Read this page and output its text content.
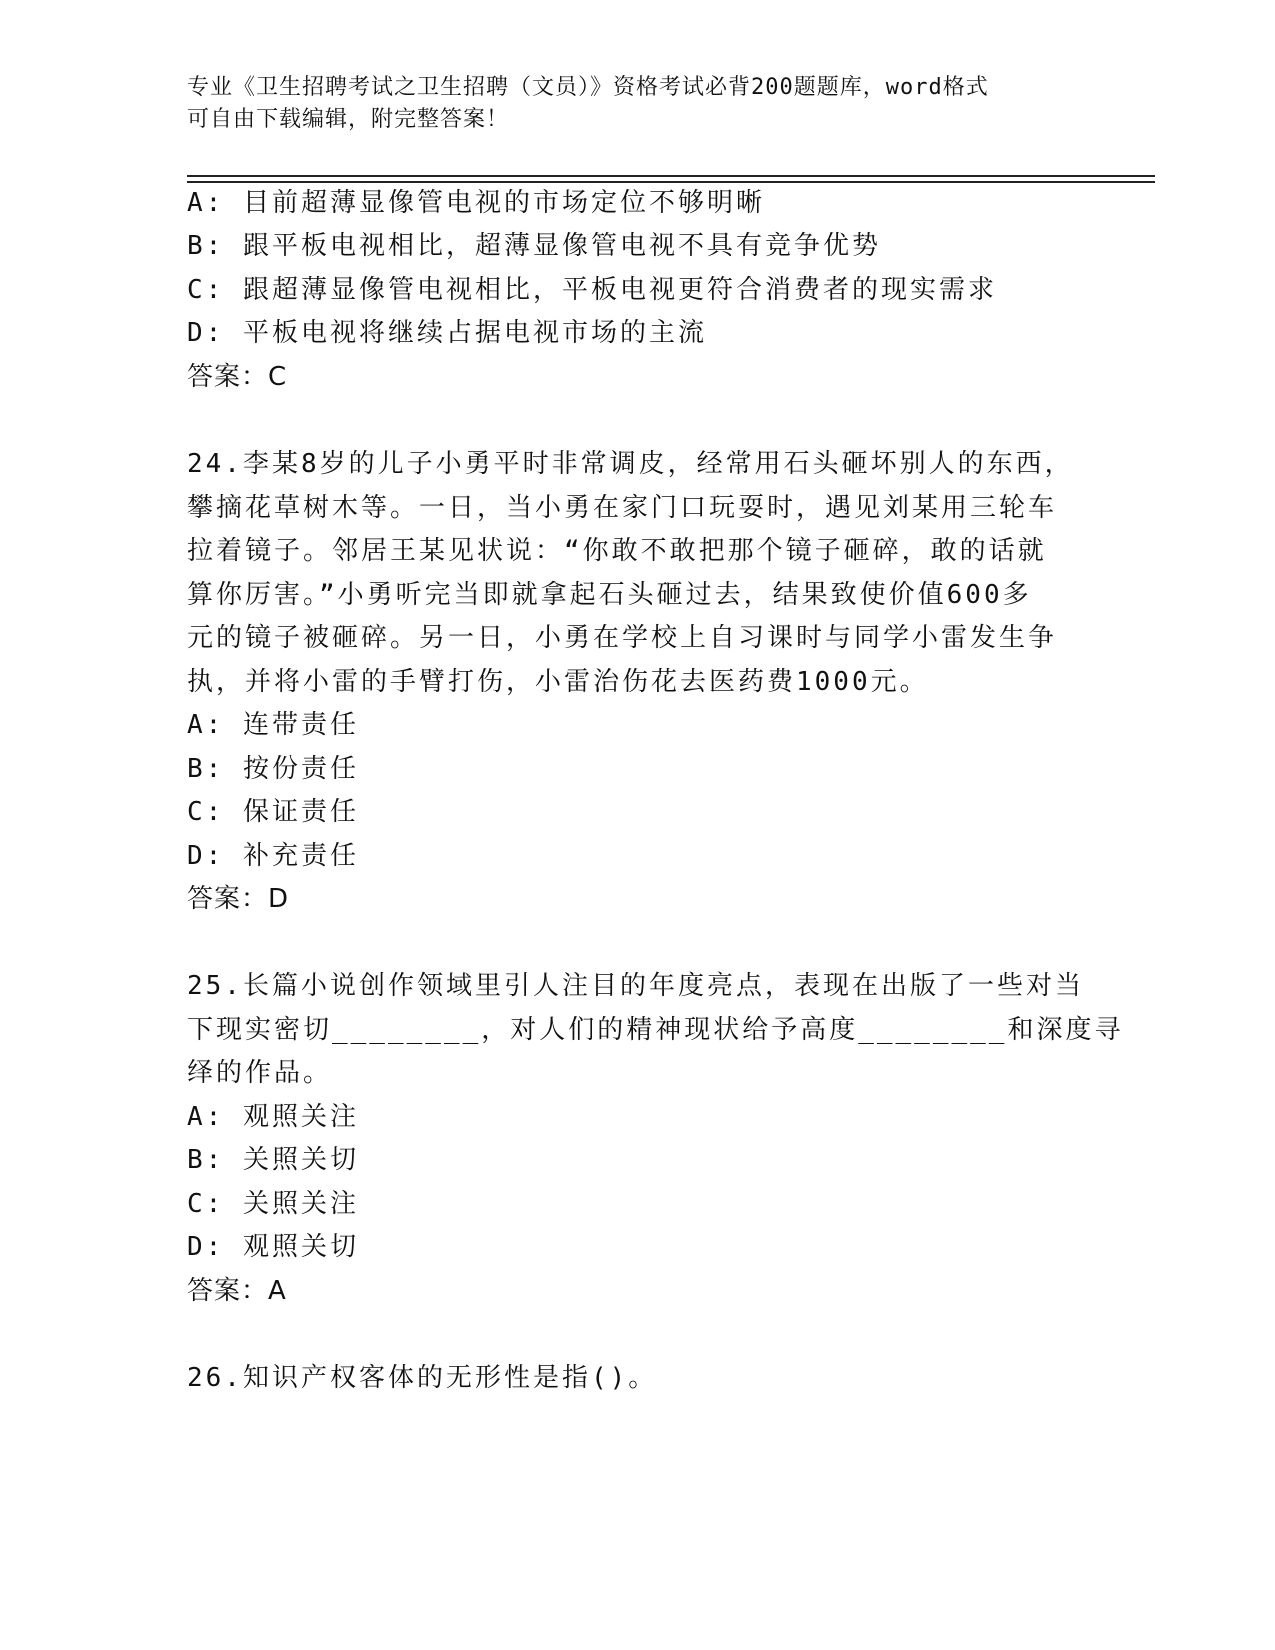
专业《卫生招聘考试之卫生招聘（文员）》资格考试必背200题题库，word格式
可自由下载编辑，附完整答案！
A: 目前超薄显像管电视的市场定位不够明晰
B: 跟平板电视相比，超薄显像管电视不具有竞争优势
C: 跟超薄显像管电视相比，平板电视更符合消费者的现实需求
D: 平板电视将继续占据电视市场的主流
答案：C
24.李某8岁的儿子小勇平时非常调皮，经常用石头砸坏别人的东西，
攀摘花草树木等。一日，当小勇在家门口玩耍时，遇见刘某用三轮车
拉着镜子。邻居王某见状说：“你敢不敢把那个镜子砸碎，敢的话就
算你厉害。”小勇听完当即就拿起石头砸过去，结果致使价值600多
元的镜子被砸碎。另一日，小勇在学校上自习课时与同学小雷发生争
执，并将小雷的手臂打伤，小雷治伤花去医药费1000元。
A: 连带责任
B: 按份责任
C: 保证责任
D: 补充责任
答案：D
25.长篇小说创作领域里引人注目的年度亮点，表现在出版了一些对当
下现实密切________，对人们的精神现状给予高度________和深度寻
绎的作品。
A: 观照关注
B: 关照关切
C: 关照关注
D: 观照关切
答案：A
26.知识产权客体的无形性是指()。
